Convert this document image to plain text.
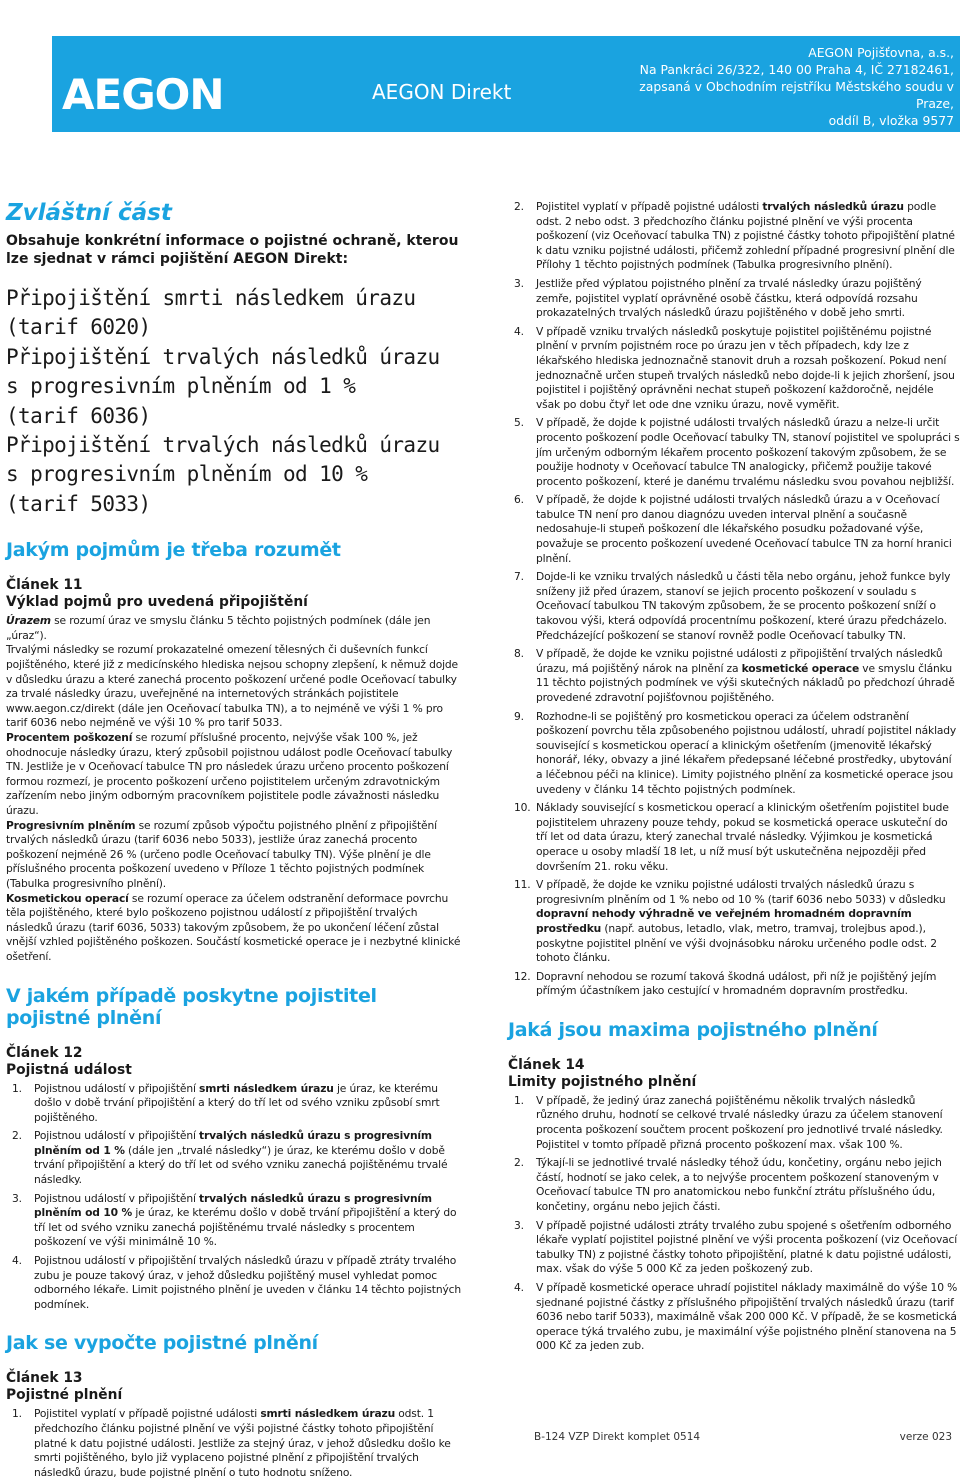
AEGON	AEGON Direkt
AEGON Pojišťovna, a.s.,
Na Pankráci 26/322, 140 00 Praha 4, IČ 27182461,
zapsaná v Obchodním rejstříku Městského soudu v Praze,
oddíl B, vložka 9577
Zvláštní část
Obsahuje konkrétní informace o pojistné ochraně, kterou lze sjednat v rámci pojištění AEGON Direkt:
Připojištění smrti následkem úrazu
(tarif 6020)
Připojištění trvalých následků úrazu
s progresivním plněním od 1 %
(tarif 6036)
Připojištění trvalých následků úrazu
s progresivním plněním od 10 %
(tarif 5033)
Jakým pojmům je třeba rozumět
Článek 11
Výklad pojmů pro uvedená připojištění
Úrazem se rozumí úraz ve smyslu článku 5 těchto pojistných podmínek (dále jen „úraz“).
Trvalými následky se rozumí prokazatelné omezení tělesných či duševních funkcí pojištěného, které již z medicínského hlediska nejsou schopny zlepšení, k němuž dojde v důsledku úrazu a které zanechá procento poškození určené podle Oceňovací tabulky za trvalé následky úrazu, uveřejněné na internetových stránkách pojistitele www.aegon.cz/direkt (dále jen Oceňovací tabulka TN), a to nejméně ve výši 1 % pro tarif 6036 nebo nejméně ve výši 10 % pro tarif 5033.
Procentem poškození se rozumí příslušné procento, nejvýše však 100 %, jež ohodnocuje následky úrazu, který způsobil pojistnou událost podle Oceňovací tabulky TN. Jestliže je v Oceňovací tabulce TN pro následek úrazu určeno procento poškození formou rozmezí, je procento poškození určeno pojistitelem určeným zdravotnickým zařízením nebo jiným odborným pracovníkem pojistitele podle závažnosti následku úrazu.
Progresivním plněním se rozumí způsob výpočtu pojistného plnění z připojištění trvalých následků úrazu (tarif 6036 nebo 5033), jestliže úraz zanechá procento poškození nejméně 26 % (určeno podle Oceňovací tabulky TN). Výše plnění je dle příslušného procenta poškození uvedeno v Příloze 1 těchto pojistných podmínek (Tabulka progresivního plnění).
Kosmetickou operací se rozumí operace za účelem odstranění deformace povrchu těla pojištěného, které bylo poškozeno pojistnou událostí z připojištění trvalých následků úrazu (tarif 6036, 5033) takovým způsobem, že po ukončení léčení zůstal vnější vzhled pojištěného poškozen. Součástí kosmetické operace je i nezbytné klinické ošetření.
V jakém případě poskytne pojistitel pojistné plnění
Článek 12
Pojistná událost
1.	Pojistnou událostí v připojištění smrti následkem úrazu je úraz, ke kterému došlo v době trvání připojištění a který do tří let od svého vzniku způsobí smrt pojištěného.
2.	Pojistnou událostí v připojištění trvalých následků úrazu s progresivním plněním od 1 % (dále jen „trvalé následky“) je úraz, ke kterému došlo v době trvání připojištění a který do tří let od svého vzniku zanechá pojištěnému trvalé následky.
3.	Pojistnou událostí v připojištění trvalých následků úrazu s progresivním plněním od 10 % je úraz, ke kterému došlo v době trvání připojištění a který do tří let od svého vzniku zanechá pojištěnému trvalé následky s procentem poškození ve výši minimálně 10 %.
4.	Pojistnou událostí v připojištění trvalých následků úrazu v případě ztráty trvalého zubu je pouze takový úraz, v jehož důsledku pojištěný musel vyhledat pomoc odborného lékaře. Limit pojistného plnění je uveden v článku 14 těchto pojistných podmínek.
Jak se vypočte pojistné plnění
Článek 13
Pojistné plnění
1.	Pojistitel vyplatí v případě pojistné události smrti následkem úrazu odst. 1 předchozího článku pojistné plnění ve výši pojistné částky tohoto připojištění platné k datu pojistné události. Jestliže za stejný úraz, v jehož důsledku došlo ke smrti pojištěného, bylo již vyplaceno pojistné plnění z připojištění trvalých následků úrazu, bude pojistné plnění o tuto hodnotu sníženo.
2.	Pojistitel vyplatí v případě pojistné události trvalých následků úrazu podle odst. 2 nebo odst. 3 předchozího článku pojistné plnění ve výši procenta poškození (viz Oceňovací tabulka TN) z pojistné částky tohoto připojištění platné k datu vzniku pojistné události, přičemž zohlední případné progresivní plnění dle Přílohy 1 těchto pojistných podmínek (Tabulka progresivního plnění).
3.	Jestliže před výplatou pojistného plnění za trvalé následky úrazu pojištěný zemře, pojistitel vyplatí oprávněné osobě částku, která odpovídá rozsahu prokazatelných trvalých následků úrazu pojištěného v době jeho smrti.
4.	V případě vzniku trvalých následků poskytuje pojistitel pojištěnému pojistné plnění v prvním pojistném roce po úrazu jen v těch případech, kdy lze z lékařského hlediska jednoznačně stanovit druh a rozsah poškození. Pokud není jednoznačně určen stupeň trvalých následků nebo dojde-li k jejich zhoršení, jsou pojistitel i pojištěný oprávněni nechat stupeň poškození každoročně, nejdéle však po dobu čtyř let ode dne vzniku úrazu, nově vyměřit.
5.	V případě, že dojde k pojistné události trvalých následků úrazu a nelze-li určit procento poškození podle Oceňovací tabulky TN, stanoví pojistitel ve spolupráci s jím určeným odborným lékařem procento poškození takovým způsobem, že se použije hodnoty v Oceňovací tabulce TN analogicky, přičemž použije takové procento poškození, které je danému trvalému následku svou povahou nejbližší.
6.	V případě, že dojde k pojistné události trvalých následků úrazu a v Oceňovací tabulce TN není pro danou diagnózu uveden interval plnění a současně nedosahuje-li stupeň poškození dle lékařského posudku požadované výše, považuje se procento poškození uvedené Oceňovací tabulce TN za horní hranici plnění.
7.	Dojde-li ke vzniku trvalých následků u části těla nebo orgánu, jehož funkce byly sníženy již před úrazem, stanoví se jejich procento poškození v souladu s Oceňovací tabulkou TN takovým způsobem, že se procento poškození sníží o takovou výši, která odpovídá procentnímu poškození, které úrazu předcházelo. Předcházející poškození se stanoví rovněž podle Oceňovací tabulky TN.
8.	V případě, že dojde ke vzniku pojistné události z připojištění trvalých následků úrazu, má pojištěný nárok na plnění za kosmetické operace ve smyslu článku 11 těchto pojistných podmínek ve výši skutečných nákladů po předchozí úhradě provedené zdravotní pojišťovnou pojištěného.
9.	Rozhodne-li se pojištěný pro kosmetickou operaci za účelem odstranění poškození povrchu těla způsobeného pojistnou událostí, uhradí pojistitel náklady související s kosmetickou operací a klinickým ošetřením (jmenovitě lékařský honorář, léky, obvazy a jiné lékařem předepsané léčebné prostředky, ubytování a léčebnou péči na klinice). Limity pojistného plnění za kosmetické operace jsou uvedeny v článku 14 těchto pojistných podmínek.
10. Náklady související s kosmetickou operací a klinickým ošetřením pojistitel bude pojistitelem uhrazeny pouze tehdy, pokud se kosmetická operace uskuteční do tří let od data úrazu, který zanechal trvalé následky. Výjimkou je kosmetická operace u osoby mladší 18 let, u níž musí být uskutečněna nejpozději před dovršením 21. roku věku.
11. V případě, že dojde ke vzniku pojistné události trvalých následků úrazu s progresivním plněním od 1 % nebo od 10 % (tarif 6036 nebo 5033) v důsledku dopravní nehody výhradně ve veřejném hromadném dopravním prostředku (např. autobus, letadlo, vlak, metro, tramvaj, trolejbus apod.), poskytne pojistitel plnění ve výši dvojnásobku nároku určeného podle odst. 2 tohoto článku.
12. Dopravní nehodou se rozumí taková škodná událost, při níž je pojištěný jejím přímým účastníkem jako cestující v hromadném dopravním prostředku.
Jaká jsou maxima pojistného plnění
Článek 14
Limity pojistného plnění
1.	V případě, že jediný úraz zanechá pojištěnému několik trvalých následků různého druhu, hodnotí se celkové trvalé následky úrazu za účelem stanovení procenta poškození součtem procent poškození pro jednotlivé trvalé následky. Pojistitel v tomto případě přizná procento poškození max. však 100 %.
2.	Týkají-li se jednotlivé trvalé následky téhož údu, končetiny, orgánu nebo jejich částí, hodnotí se jako celek, a to nejvýše procentem poškození stanoveným v Oceňovací tabulce TN pro anatomickou nebo funkční ztrátu příslušného údu, končetiny, orgánu nebo jejich části.
3.	V případě pojistné události ztráty trvalého zubu spojené s ošetřením odborného lékaře vyplatí pojistitel pojistné plnění ve výši procenta poškození (viz Oceňovací tabulky TN) z pojistné částky tohoto připojištění, platné k datu pojistné události, max. však do výše 5 000 Kč za jeden poškozený zub.
4.	V případě kosmetické operace uhradí pojistitel náklady maximálně do výše 10 % sjednané pojistné částky z příslušného připojištění trvalých následků úrazu (tarif 6036 nebo tarif 5033), maximálně však 200 000 Kč. V případě, že se kosmetická operace týká trvalého zubu, je maximální výše pojistného plnění stanovena na 5 000 Kč za jeden zub.
B-124 VZP Direkt komplet 0514	verze 023
